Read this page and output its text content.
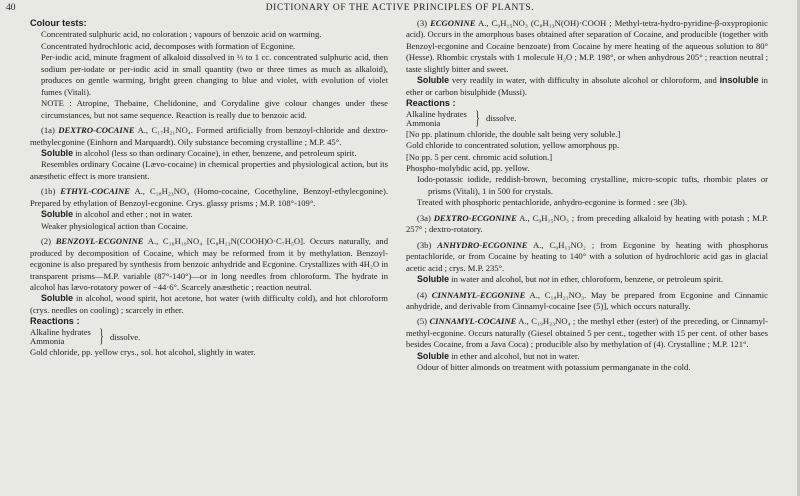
40	DICTIONARY OF THE ACTIVE PRINCIPLES OF PLANTS.
Colour tests:

Concentrated sulphuric acid, no coloration ; vapours of benzoic acid on warming.

Concentrated hydrochloric acid, decomposes with formation of Ecgonine.

Per-iodic acid, minute fragment of alkaloid dissolved in ⅓ to 1 cc. concentrated sulphuric acid, then sodium per-iodate or per-iodic acid in small quantity (two or three times as much as alkaloid), produces on gentle warming, bright green changing to blue and violet, with evolution of violet fumes (Vitali).

NOTE : Atropine, Thebaine, Chelidonine, and Corydaline give colour changes under these circumstances, but not same sequence. Reaction is really due to benzoic acid.

(1a) DEXTRO-COCAINE A., C₁₇H₂₁NO₄. Formed artificially from benzoyl-chloride and dextro-methylecgonine (Einhorn and Marquardt). Oily substance becoming crystalline ; M.P. 45°.

Soluble in alcohol (less so than ordinary Cocaine), in ether, benzene, and petroleum spirit.

Resembles ordinary Cocaine (Lævo-cocaine) in chemical properties and physiological action, but its anæsthetic effect is more transient.

(1b) ETHYL-COCAINE A., C₁₈H₂₃NO₄ (Homo-cocaine, Cocethyline, Benzoyl-ethylecgonine). Prepared by ethylation of Benzoyl-ecgonine. Crys. glassy prisms ; M.P. 108°-109°.

Soluble in alcohol and ether ; not in water.

Weaker physiological action than Cocaine.

(2) BENZOYL-ECGONINE A., C₁₆H₁₉NO₄ [C₈H₁₃N(COOH)O·C₇H₅O]. Occurs naturally, and produced by decomposition of Cocaine, which may be reformed from it by methylation. Benzoyl-ecgonine is also prepared by synthesis from benzoic anhydride and Ecgonine. Crystallizes with 4H₂O in transparent prisms—M.P. variable (87°-140°)—or in long needles from chloroform. The hydrate in alcohol has lævo-rotatory power of −44·6°. Scarcely anæsthetic ; reaction neutral.

Soluble in alcohol, wood spirit, hot acetone, hot water (with difficulty cold), and hot chloroform (crys. needles on cooling) ; scarcely in ether.

Reactions :
Alkaline hydrates
Ammonia	} dissolve.

Gold chloride, pp. yellow crys., sol. hot alcohol, slightly in water.

(3) ECGONINE A., C₉H₁₅NO₃ (C₈H₁₃N(OH)·COOH ; Methyl-tetra-hydro-pyridine-β-oxypropionic acid). Occurs in the amorphous bases obtained after separation of Cocaine, and producible (together with Benzoyl-ecgonine and Cocaine benzoate) from Cocaine by mere heating of the aqueous solution to 80° (Hesse). Rhombic crystals with 1 molecule H₂O ; M.P. 198°, or when anhydrous 205° ; reaction neutral ; taste slightly bitter and sweet.

Soluble very readily in water, with difficulty in absolute alcohol or chloroform, and insoluble in ether or carbon bisulphide (Mussi).

Reactions :
Alkaline hydrates
Ammonia	} dissolve.

[No pp. platinum chloride, the double salt being very soluble.]

Gold chloride to concentrated solution, yellow amorphous pp.

[No pp. 5 per cent. chromic acid solution.]

Phospho-molybdic acid, pp. yellow.

Iodo-potassic iodide, reddish-brown, becoming crystalline, micro-scopic tufts, rhombic plates or prisms (Vitali), 1 in 500 for crystals.

Treated with phosphoric pentachloride, anhydro-ecgonine is formed : see (3b).

(3a) DEXTRO-ECGONINE A., C₉H₁₅NO₃ ; from preceding alkaloid by heating with potash ; M.P. 257° ; dextro-rotatory.

(3b) ANHYDRO-ECGONINE A., C₉H₁₃NO₂ ; from Ecgonine by heating with phosphorus pentachloride, or from Cocaine by heating to 140° with a solution of hydrochloric acid gas in glacial acetic acid ; crys. M.P. 235°.

Soluble in water and alcohol, but not in ether, chloroform, benzene, or petroleum spirit.

(4) CINNAMYL-ECGONINE A., C₁₈H₂₁NO₃. May be prepared from Ecgonine and Cinnamic anhydride, and derivable from Cinnamyl-cocaine [see (5)], which occurs naturally.

(5) CINNAMYL-COCAINE A., C₁₉H₂₃NO₄ ; the methyl ether (ester) of the preceding, or Cinnamyl-methyl-ecgonine. Occurs naturally (Giesel obtained 5 per cent., together with 15 per cent. of other bases besides Cocaine, from a Java Coca) ; producible also by methylation of (4). Crystalline ; M.P. 121°.

Soluble in ether and alcohol, but not in water.

Odour of bitter almonds on treatment with potassium permanganate in the cold.
